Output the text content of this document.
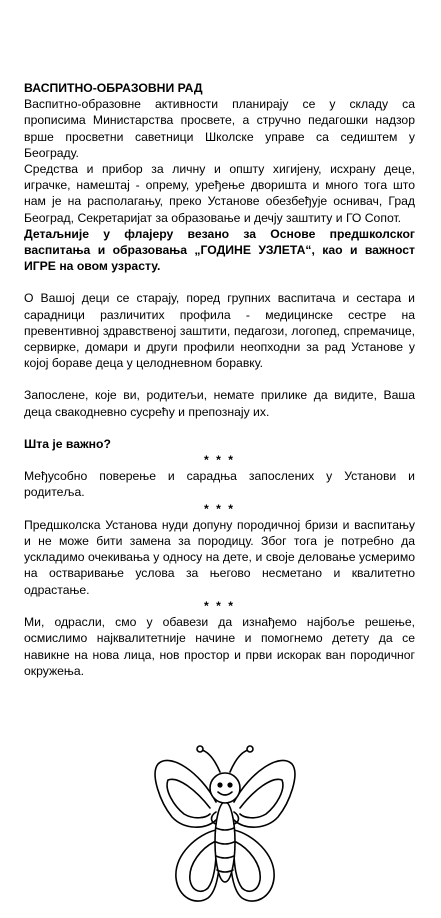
ВАСПИТНО-ОБРАЗОВНИ РАД

Васпитно-образовне активности планирају се у складу са прописима Министарства просвете, а стручно педагошки надзор врше просветни саветници Школске управе са седиштем у Београду.

Средства и прибор за личну и општу хигијену, исхрану деце, играчке, намештај - опрему, уређење дворишта и много тога што нам је на располагању, преко Установе обезбеђује оснивач, Град Београд, Секретаријат за образовање и дечју заштиту и ГО Сопот.

Детаљније у флајеру везано за Основе предшколског васпитања и образовања „ГОДИНЕ УЗЛЕТА“, као и важност ИГРЕ на овом узрасту.

О Вашој деци се старају, поред групних васпитача и сестара и сарадници различитих профила - медицинске сестре на превентивној здравственој заштити, педагози, логопед, спремачице, сервирке, домари и други профили неопходни за рад Установе у којој бораве деца у целодневном боравку.

Запослене, које ви, родитељи, немате прилике да видите, Ваша деца свакодневно сусрећу и препознају их.

Шта је важно?

* * *

Међусобно поверење и сарадња запослених у Установи и родитеља.

* * *

Предшколска Установа нуди допуну породичној бризи и васпитању и не може бити замена за породицу. Због тога је потребно да ускладимо очекивања у односу на дете, и своје деловање усмеримо на остваривање услова за његово несметано и квалитетно одрастање.

* * *

Ми, одрасли, смо у обавези да изнађемо најбоље решење, осмислимо најквалитетније начине и помогнемо детету да се навикне на нова лица, нов простор и први искорак ван породичног окружења.
